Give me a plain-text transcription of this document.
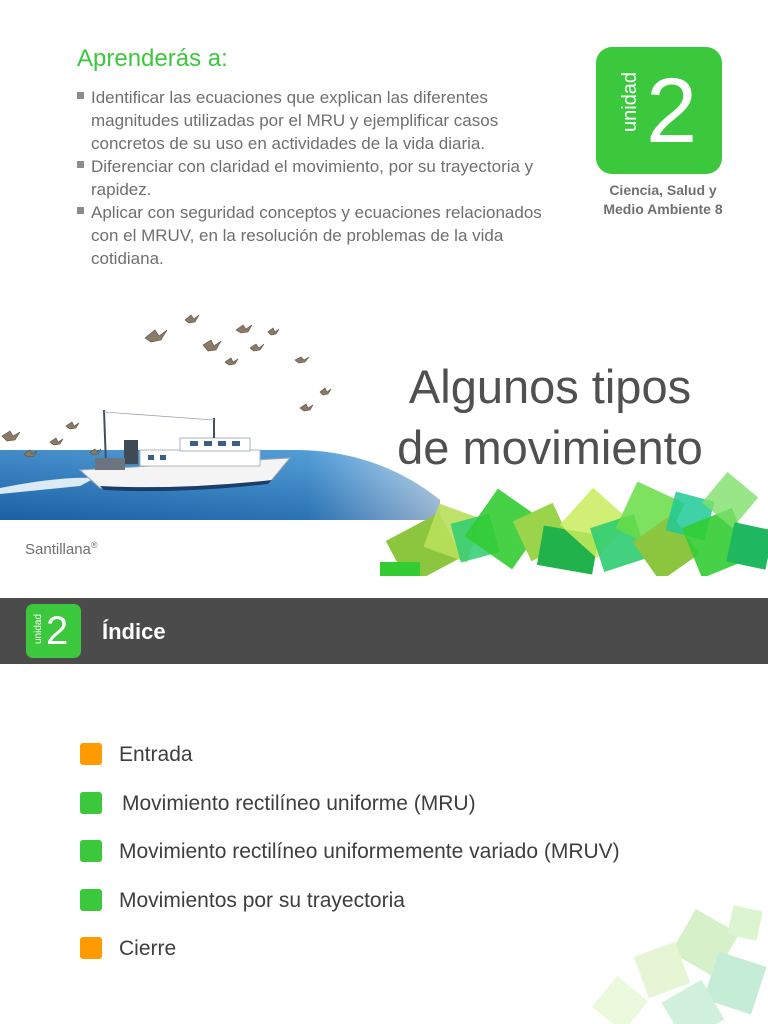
Aprenderás a:
Identificar las ecuaciones que explican las diferentes magnitudes utilizadas por el MRU y ejemplificar casos concretos de su uso en actividades de la vida diaria.
Diferenciar con claridad el movimiento, por su trayectoria y rapidez.
Aplicar con seguridad conceptos y ecuaciones relacionados con el MRUV, en la resolución de problemas de la vida cotidiana.
unidad 2
Ciencia, Salud y
Medio Ambiente 8
Algunos tipos
de movimiento
Santillana®
unidad 2 Índice
Entrada
Movimiento rectilíneo uniforme (MRU)
Movimiento rectilíneo uniformemente variado (MRUV)
Movimientos por su trayectoria
Cierre
